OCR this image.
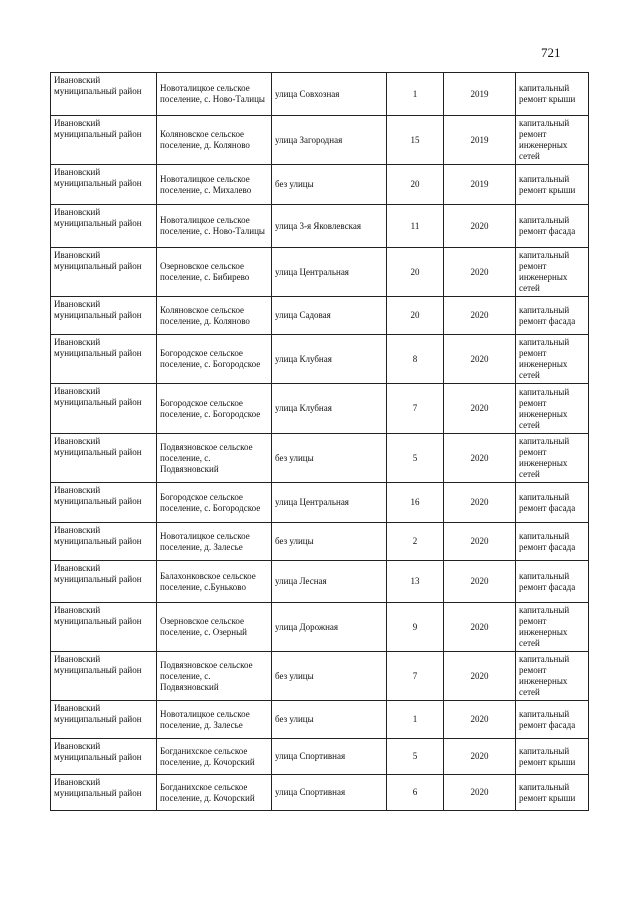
721
Ивановский муниципальный район	Новоталицкое сельское поселение, с. Ново-Талицы	улица Совхозная	1	2019	капитальный ремонт крыши
Ивановский муниципальный район	Коляновское сельское поселение, д. Коляново	улица Загородная	15	2019	капитальный ремонт инженерных сетей
Ивановский муниципальный район	Новоталицкое сельское поселение, с. Михалево	без улицы	20	2019	капитальный ремонт крыши
Ивановский муниципальный район	Новоталицкое сельское поселение, с. Ново-Талицы	улица 3-я Яковлевская	11	2020	капитальный ремонт фасада
Ивановский муниципальный район	Озерновское сельское поселение, с. Бибирево	улица Центральная	20	2020	капитальный ремонт инженерных сетей
Ивановский муниципальный район	Коляновское сельское поселение, д. Коляново	улица Садовая	20	2020	капитальный ремонт фасада
Ивановский муниципальный район	Богородское сельское поселение, с. Богородское	улица Клубная	8	2020	капитальный ремонт инженерных сетей
Ивановский муниципальный район	Богородское сельское поселение, с. Богородское	улица Клубная	7	2020	капитальный ремонт инженерных сетей
Ивановский муниципальный район	Подвязновское сельское поселение, с. Подвязновский	без улицы	5	2020	капитальный ремонт инженерных сетей
Ивановский муниципальный район	Богородское сельское поселение, с. Богородское	улица Центральная	16	2020	капитальный ремонт фасада
Ивановский муниципальный район	Новоталицкое сельское поселение, д. Залесье	без улицы	2	2020	капитальный ремонт фасада
Ивановский муниципальный район	Балахонковское сельское поселение, с.Буньково	улица Лесная	13	2020	капитальный ремонт фасада
Ивановский муниципальный район	Озерновское сельское поселение, с. Озерный	улица Дорожная	9	2020	капитальный ремонт инженерных сетей
Ивановский муниципальный район	Подвязновское сельское поселение, с. Подвязновский	без улицы	7	2020	капитальный ремонт инженерных сетей
Ивановский муниципальный район	Новоталицкое сельское поселение, д. Залесье	без улицы	1	2020	капитальный ремонт фасада
Ивановский муниципальный район	Богданихское сельское поселение, д. Кочорский	улица Спортивная	5	2020	капитальный ремонт крыши
Ивановский муниципальный район	Богданихское сельское поселение, д. Кочорский	улица Спортивная	6	2020	капитальный ремонт крыши
